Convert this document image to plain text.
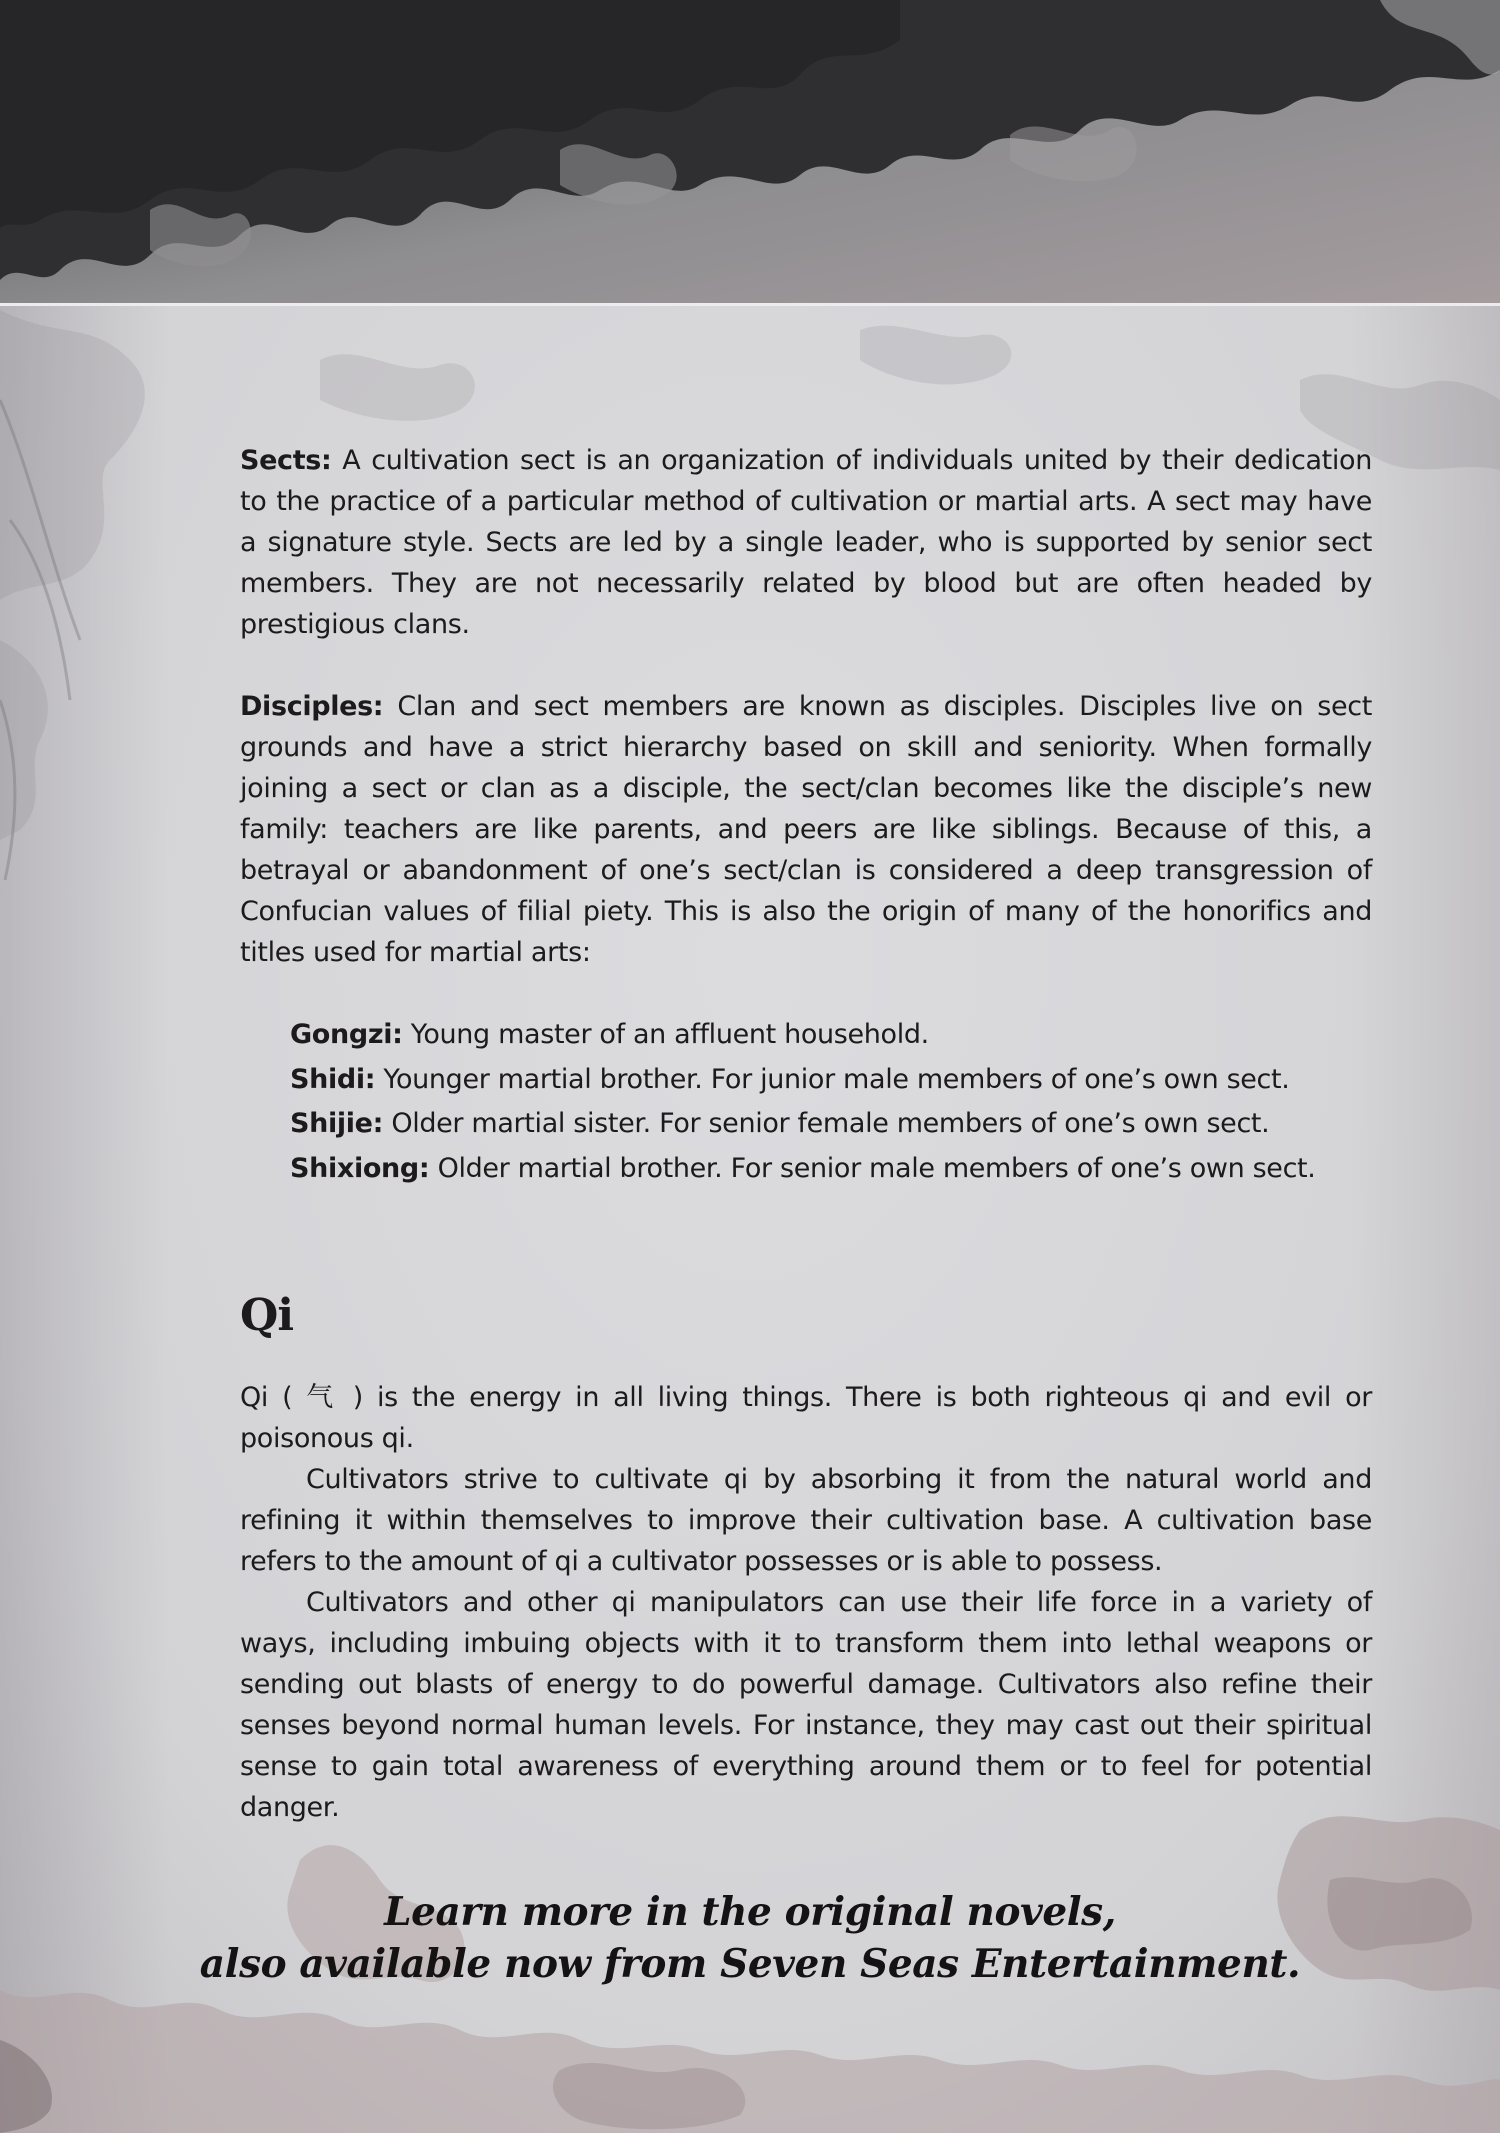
Sects: A cultivation sect is an organization of individuals united by their dedication to the practice of a particular method of cultivation or martial arts. A sect may have a signature style. Sects are led by a single leader, who is supported by senior sect members. They are not necessarily related by blood but are often headed by prestigious clans.

Disciples: Clan and sect members are known as disciples. Disciples live on sect grounds and have a strict hierarchy based on skill and seniority. When formally joining a sect or clan as a disciple, the sect/clan becomes like the disciple’s new family: teachers are like parents, and peers are like siblings. Because of this, a betrayal or abandonment of one’s sect/clan is considered a deep transgression of Confucian values of filial piety. This is also the origin of many of the honorifics and titles used for martial arts:

Gongzi: Young master of an affluent household.
Shidi: Younger martial brother. For junior male members of one’s own sect.
Shijie: Older martial sister. For senior female members of one’s own sect.
Shixiong: Older martial brother. For senior male members of one’s own sect.
Qi

Qi ( 气 ) is the energy in all living things. There is both righteous qi and evil or poisonous qi.

Cultivators strive to cultivate qi by absorbing it from the natural world and refining it within themselves to improve their cultivation base. A cultivation base refers to the amount of qi a cultivator possesses or is able to possess.

Cultivators and other qi manipulators can use their life force in a variety of ways, including imbuing objects with it to transform them into lethal weapons or sending out blasts of energy to do powerful damage. Cultivators also refine their senses beyond normal human levels. For instance, they may cast out their spiritual sense to gain total awareness of everything around them or to feel for potential danger.

Learn more in the original novels,
also available now from Seven Seas Entertainment.
